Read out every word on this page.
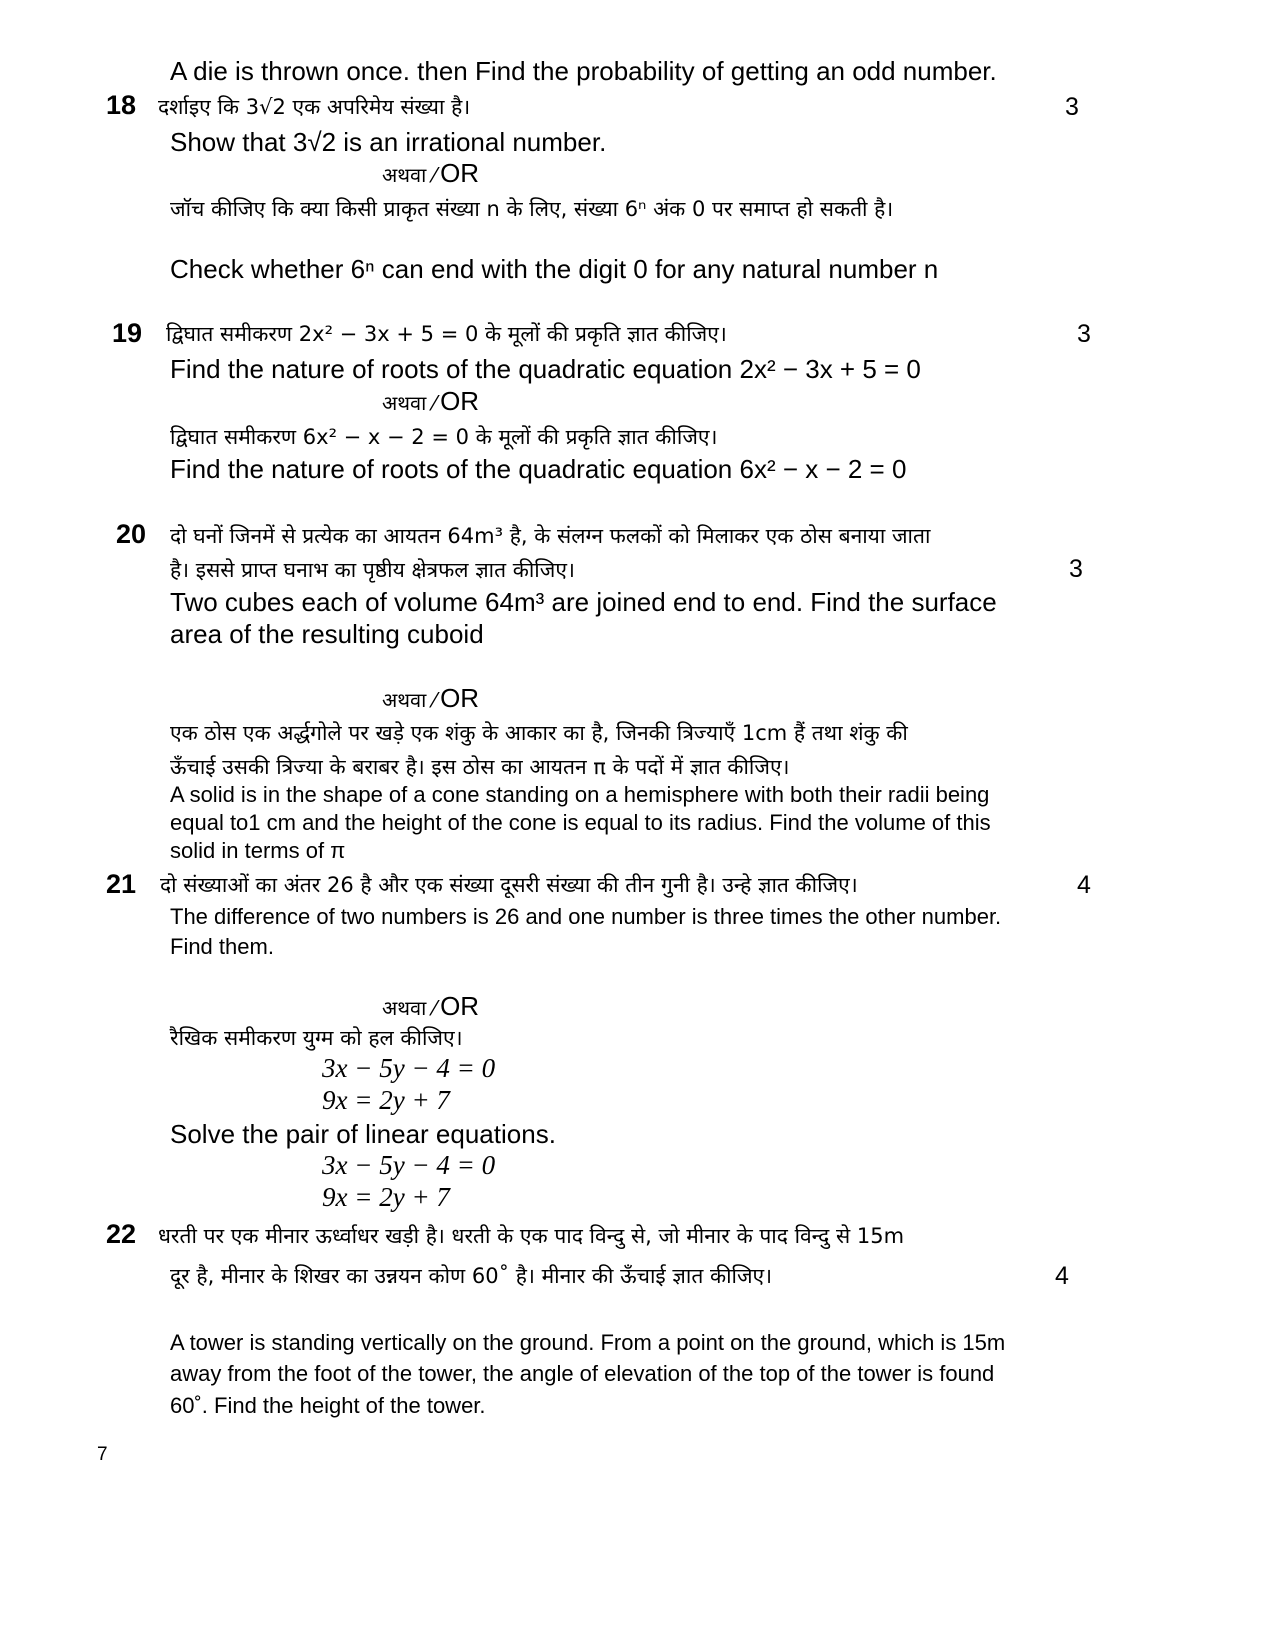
A die is thrown once. then Find the probability of getting an odd number.
18 दर्शाइए कि 3√2 एक अपरिमेय संख्या है।	3
Show that 3√2 is an irrational number.
अथवा ⁄ OR
जॉच कीजिए कि क्या किसी प्राकृत संख्या n के लिए, संख्या 6ⁿ अंक 0 पर समाप्त हो सकती है।
Check whether 6ⁿ can end with the digit 0 for any natural number n
19 द्विघात समीकरण 2x² − 3x + 5 = 0 के मूलों की प्रकृति ज्ञात कीजिए।	3
Find the nature of roots of the quadratic equation 2x² − 3x + 5 = 0
अथवा ⁄ OR
द्विघात समीकरण 6x² − x − 2 = 0 के मूलों की प्रकृति ज्ञात कीजिए।
Find the nature of roots of the quadratic equation 6x² − x − 2 = 0
20 दो घनों जिनमें से प्रत्येक का आयतन 64m³ है, के संलग्न फलकों को मिलाकर एक ठोस बनाया जाता
है। इससे प्राप्त घनाभ का पृष्ठीय क्षेत्रफल ज्ञात कीजिए।	3
Two cubes each of volume 64m³ are joined end to end. Find the surface
area of the resulting cuboid
अथवा ⁄ OR
एक ठोस एक अर्द्धगोले पर खड़े एक शंकु के आकार का है, जिनकी त्रिज्याएँ 1cm हैं तथा शंकु की
ऊँचाई उसकी त्रिज्या के बराबर है। इस ठोस का आयतन π के पदों में ज्ञात कीजिए।
A solid is in the shape of a cone standing on a hemisphere with both their radii being
equal to1 cm and the height of the cone is equal to its radius. Find the volume of this
solid in terms of π
21 दो संख्याओं का अंतर 26 है और एक संख्या दूसरी संख्या की तीन गुनी है। उन्हे ज्ञात कीजिए।	4
The difference of two numbers is 26 and one number is three times the other number.
Find them.
अथवा ⁄ OR
रैखिक समीकरण युग्म को हल कीजिए।
3x − 5y − 4 = 0
9x = 2y + 7
Solve the pair of linear equations.
3x − 5y − 4 = 0
9x = 2y + 7
22 धरती पर एक मीनार ऊर्ध्वाधर खड़ी है। धरती के एक पाद विन्दु से, जो मीनार के पाद विन्दु से 15m
दूर है, मीनार के शिखर का उन्नयन कोण 60˚ है। मीनार की ऊँचाई ज्ञात कीजिए।	4
A tower is standing vertically on the ground. From a point on the ground, which is 15m
away from the foot of the tower, the angle of elevation of the top of the tower is found
60˚. Find the height of the tower.
7
